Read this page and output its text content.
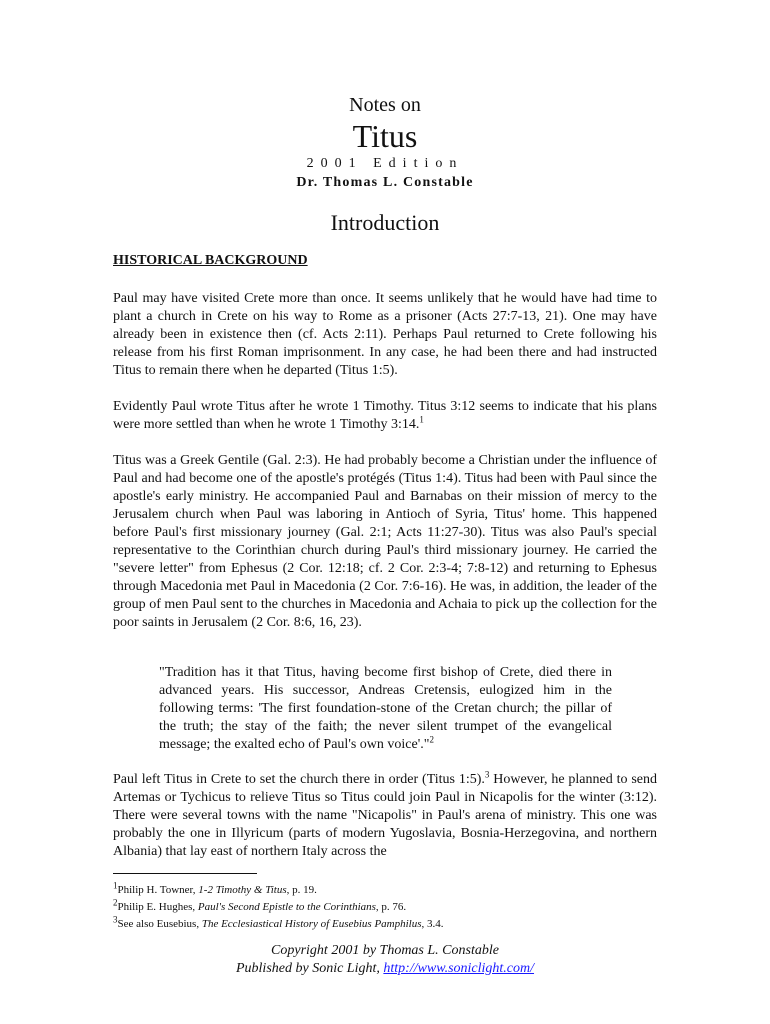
Notes on
Titus
2001 Edition
Dr. Thomas L. Constable
Introduction
HISTORICAL BACKGROUND

Paul may have visited Crete more than once. It seems unlikely that he would have had time to plant a church in Crete on his way to Rome as a prisoner (Acts 27:7-13, 21). One may have already been in existence then (cf. Acts 2:11). Perhaps Paul returned to Crete following his release from his first Roman imprisonment. In any case, he had been there and had instructed Titus to remain there when he departed (Titus 1:5).

Evidently Paul wrote Titus after he wrote 1 Timothy. Titus 3:12 seems to indicate that his plans were more settled than when he wrote 1 Timothy 3:14.$^1$

Titus was a Greek Gentile (Gal. 2:3). He had probably become a Christian under the influence of Paul and had become one of the apostle's protégés (Titus 1:4). Titus had been with Paul since the apostle's early ministry. He accompanied Paul and Barnabas on their mission of mercy to the Jerusalem church when Paul was laboring in Antioch of Syria, Titus' home. This happened before Paul's first missionary journey (Gal. 2:1; Acts 11:27-30). Titus was also Paul's special representative to the Corinthian church during Paul's third missionary journey. He carried the "severe letter" from Ephesus (2 Cor. 12:18; cf. 2 Cor. 2:3-4; 7:8-12) and returning to Ephesus through Macedonia met Paul in Macedonia (2 Cor. 7:6-16). He was, in addition, the leader of the group of men Paul sent to the churches in Macedonia and Achaia to pick up the collection for the poor saints in Jerusalem (2 Cor. 8:6, 16, 23).

"Tradition has it that Titus, having become first bishop of Crete, died there in advanced years. His successor, Andreas Cretensis, eulogized him in the following terms: 'The first foundation-stone of the Cretan church; the pillar of the truth; the stay of the faith; the never silent trumpet of the evangelical message; the exalted echo of Paul's own voice'."$^2$

Paul left Titus in Crete to set the church there in order (Titus 1:5).$^3$ However, he planned to send Artemas or Tychicus to relieve Titus so Titus could join Paul in Nicapolis for the winter (3:12). There were several towns with the name "Nicapolis" in Paul's arena of ministry. This one was probably the one in Illyricum (parts of modern Yugoslavia, Bosnia-Herzegovina, and northern Albania) that lay east of northern Italy across the

$^1$Philip H. Towner, 1-2 Timothy & Titus, p. 19.
$^2$Philip E. Hughes, Paul's Second Epistle to the Corinthians, p. 76.
$^3$See also Eusebius, The Ecclesiastical History of Eusebius Pamphilus, 3.4.
Copyright 2001 by Thomas L. Constable
Published by Sonic Light, http://www.soniclight.com/
